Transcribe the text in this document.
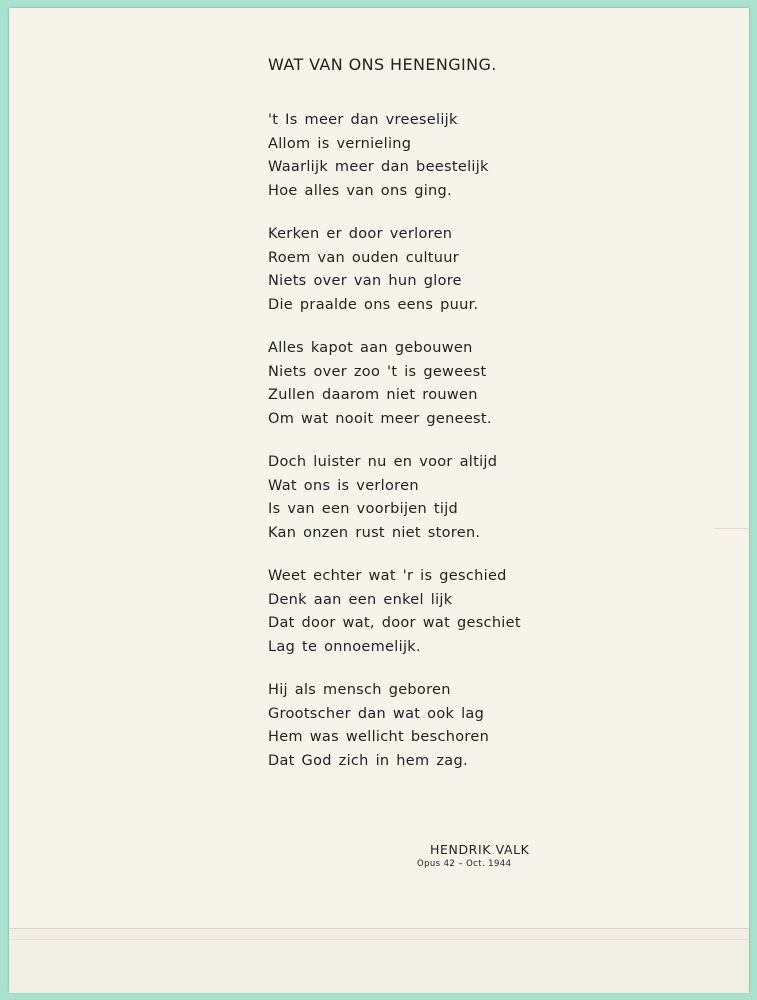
WAT VAN ONS HENENGING.
't Is meer dan vreeselijk
Allom is vernieling
Waarlijk meer dan beestelijk
Hoe alles van ons ging.
Kerken er door verloren
Roem van ouden cultuur
Niets over van hun glore
Die praalde ons eens puur.
Alles kapot aan gebouwen
Niets over zoo 't is geweest
Zullen daarom niet rouwen
Om wat nooit meer geneest.
Doch luister nu en voor altijd
Wat ons is verloren
Is van een voorbijen tijd
Kan onzen rust niet storen.
Weet echter wat 'r is geschied
Denk aan een enkel lijk
Dat door wat, door wat geschiet
Lag te onnoemelijk.
Hij als mensch geboren
Grootscher dan wat ook lag
Hem was wellicht beschoren
Dat God zich in hem zag.
HENDRIK VALK
Opus 42 – Oct. 1944
